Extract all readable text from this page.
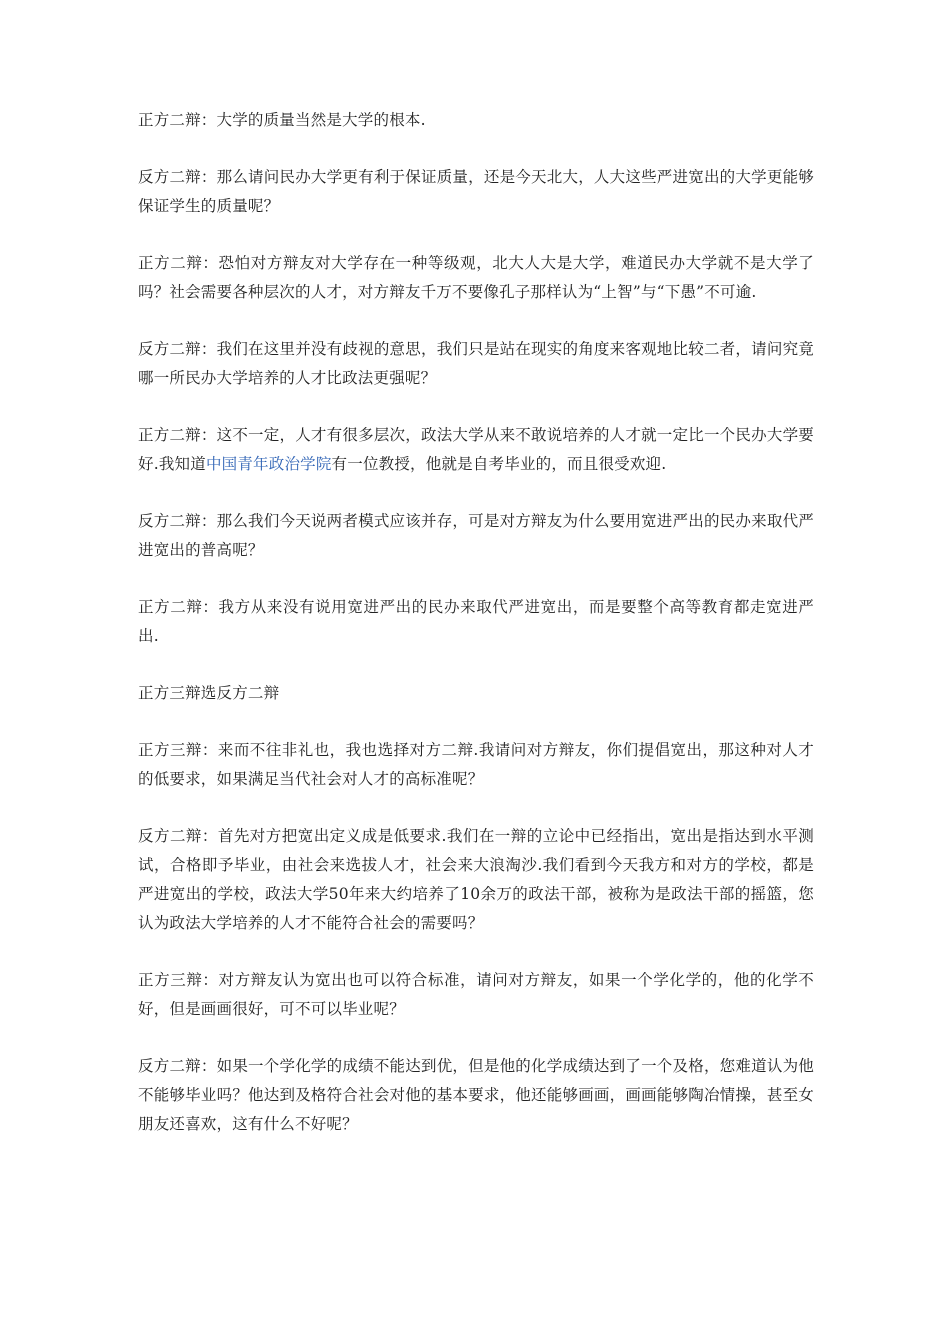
正方二辩：大学的质量当然是大学的根本.

反方二辩：那么请问民办大学更有利于保证质量，还是今天北大，人大这些严进宽出的大学更能够保证学生的质量呢？

正方二辩：恐怕对方辩友对大学存在一种等级观，北大人大是大学，难道民办大学就不是大学了吗？社会需要各种层次的人才，对方辩友千万不要像孔子那样认为“上智”与“下愚”不可逾.

反方二辩：我们在这里并没有歧视的意思，我们只是站在现实的角度来客观地比较二者，请问究竟哪一所民办大学培养的人才比政法更强呢？

正方二辩：这不一定，人才有很多层次，政法大学从来不敢说培养的人才就一定比一个民办大学要好.我知道中国青年政治学院有一位教授，他就是自考毕业的，而且很受欢迎.

反方二辩：那么我们今天说两者模式应该并存，可是对方辩友为什么要用宽进严出的民办来取代严进宽出的普高呢？

正方二辩：我方从来没有说用宽进严出的民办来取代严进宽出，而是要整个高等教育都走宽进严出.

正方三辩选反方二辩

正方三辩：来而不往非礼也，我也选择对方二辩.我请问对方辩友，你们提倡宽出，那这种对人才的低要求，如果满足当代社会对人才的高标准呢？

反方二辩：首先对方把宽出定义成是低要求.我们在一辩的立论中已经指出，宽出是指达到水平测试，合格即予毕业，由社会来选拔人才，社会来大浪淘沙.我们看到今天我方和对方的学校，都是严进宽出的学校，政法大学50年来大约培养了10余万的政法干部，被称为是政法干部的摇篮，您认为政法大学培养的人才不能符合社会的需要吗？

正方三辩：对方辩友认为宽出也可以符合标准，请问对方辩友，如果一个学化学的，他的化学不好，但是画画很好，可不可以毕业呢？

反方二辩：如果一个学化学的成绩不能达到优，但是他的化学成绩达到了一个及格，您难道认为他不能够毕业吗？他达到及格符合社会对他的基本要求，他还能够画画，画画能够陶冶情操，甚至女朋友还喜欢，这有什么不好呢？
